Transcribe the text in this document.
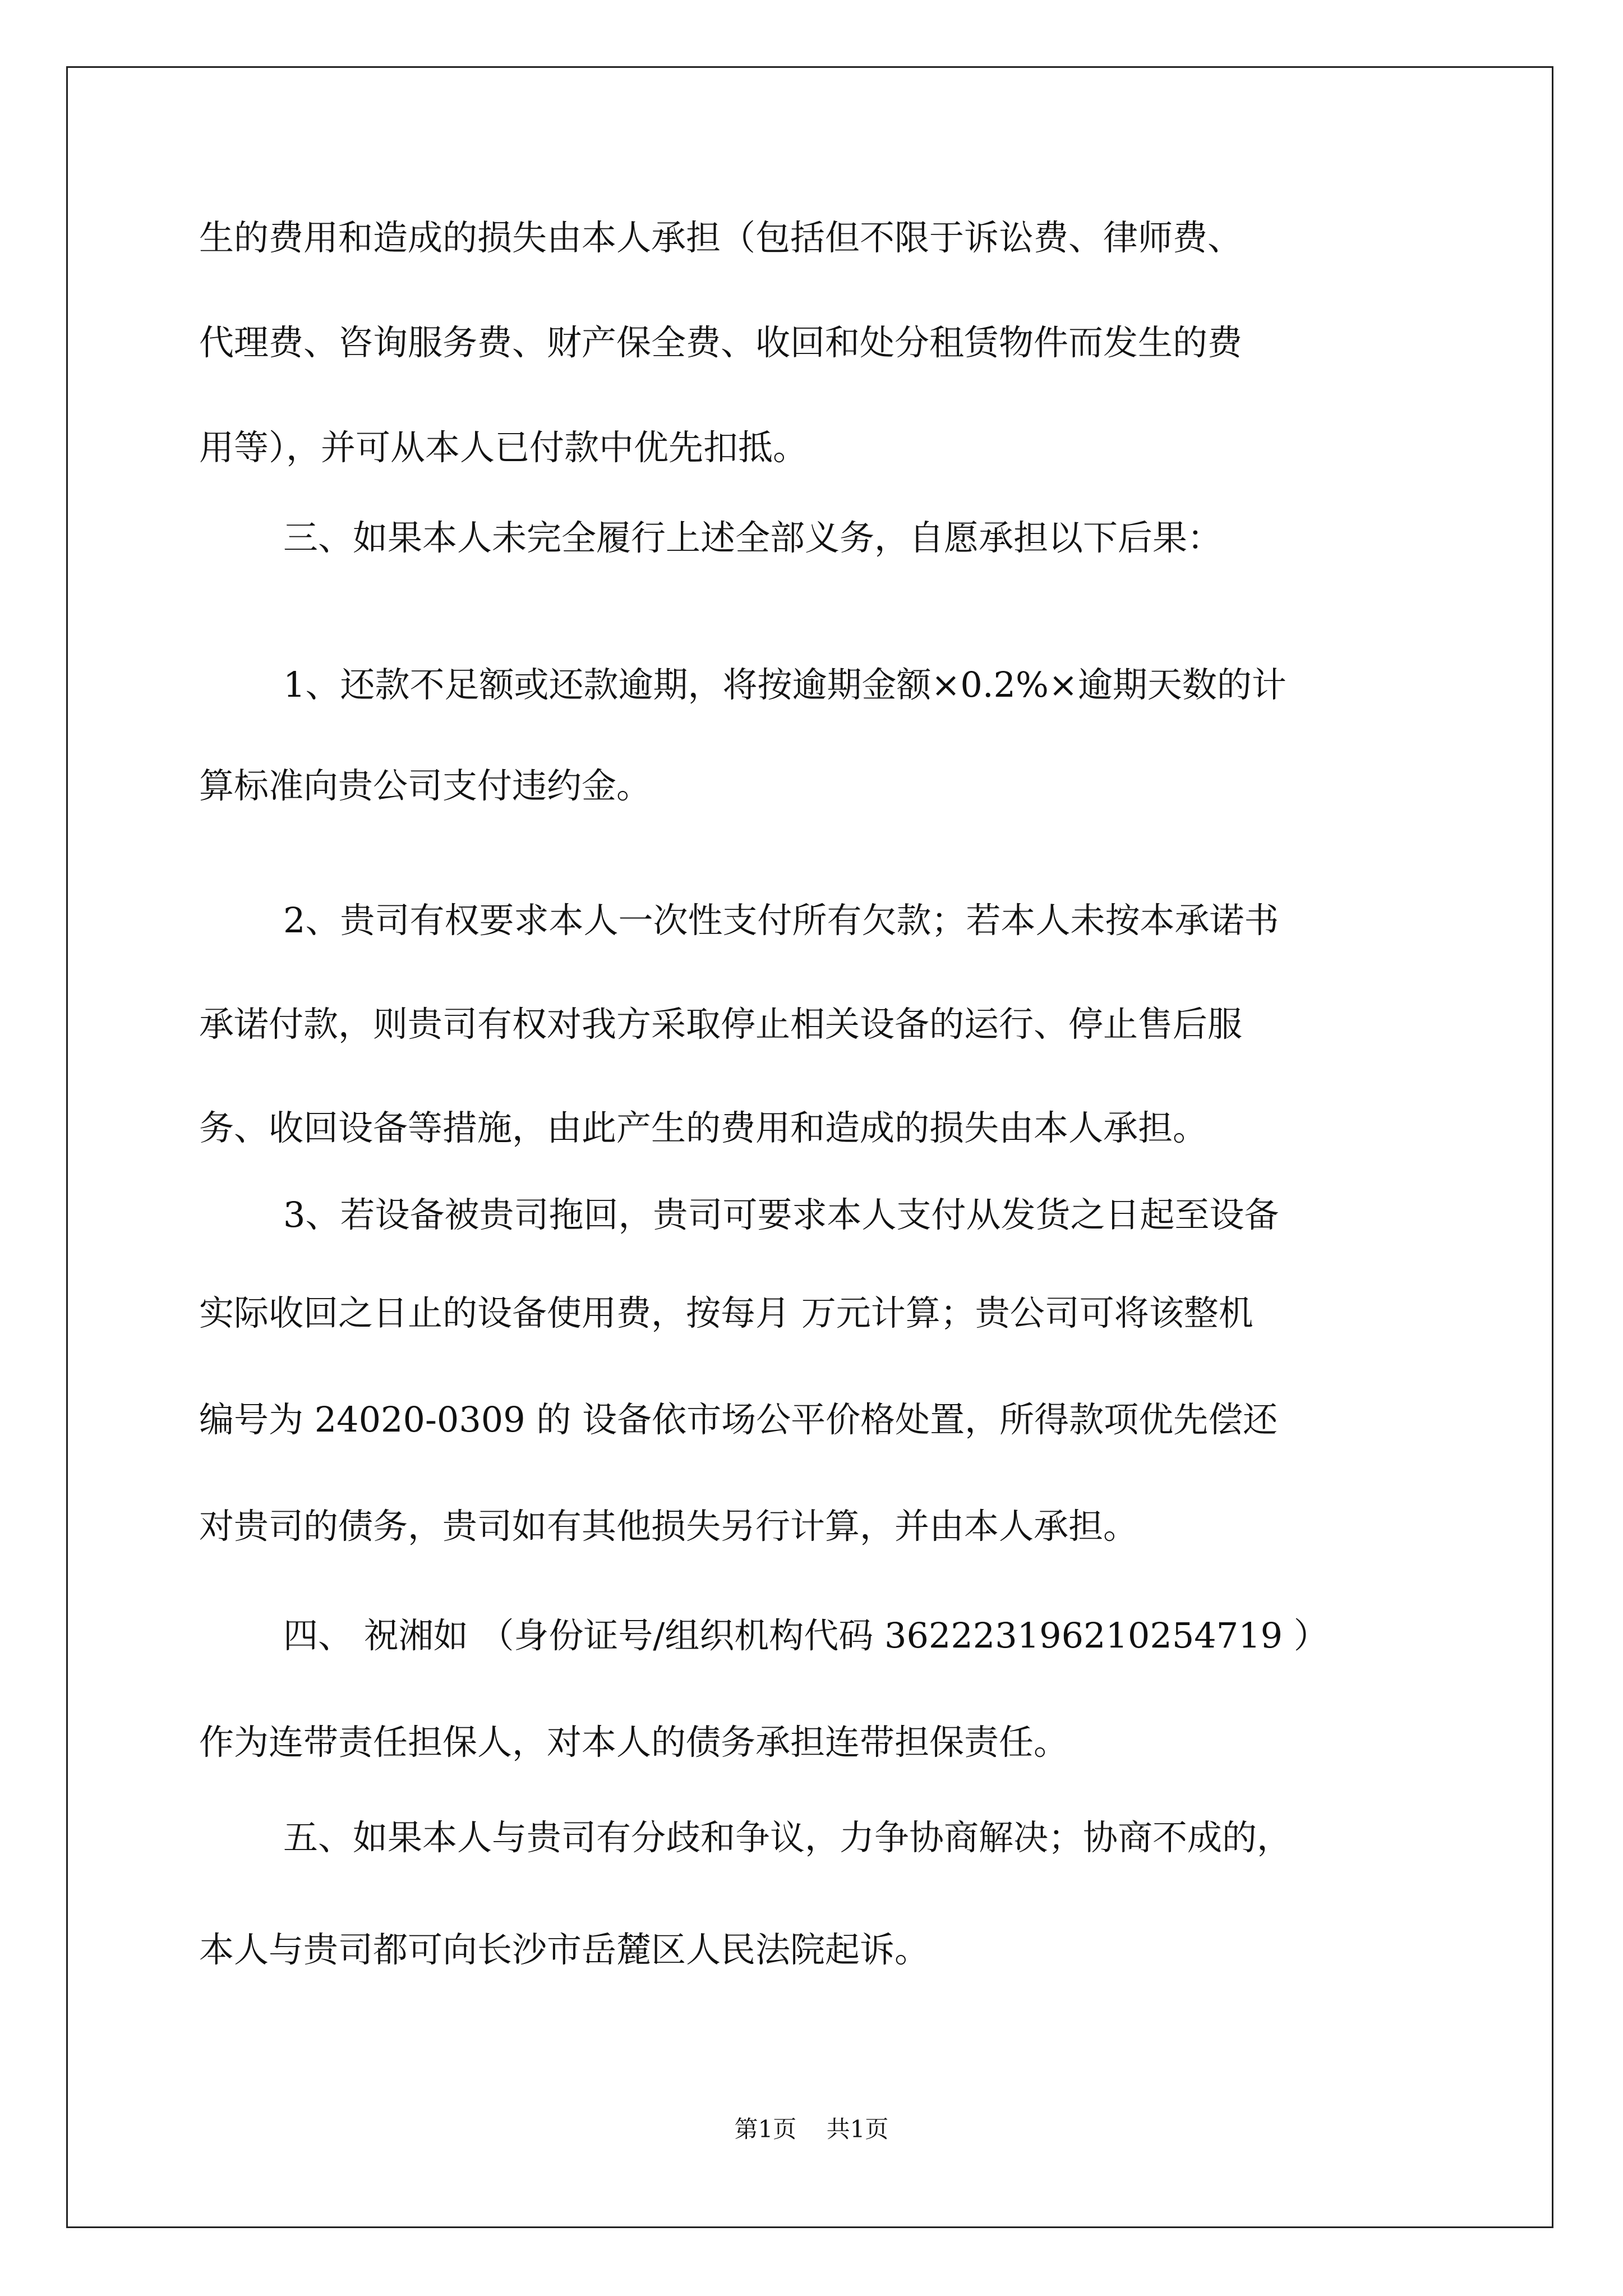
生的费用和造成的损失由本人承担（包括但不限于诉讼费、律师费、
代理费、咨询服务费、财产保全费、收回和处分租赁物件而发生的费
用等），并可从本人已付款中优先扣抵。
三、如果本人未完全履行上述全部义务，自愿承担以下后果：
1、还款不足额或还款逾期，将按逾期金额×0.2%×逾期天数的计
算标准向贵公司支付违约金。
2、贵司有权要求本人一次性支付所有欠款；若本人未按本承诺书
承诺付款，则贵司有权对我方采取停止相关设备的运行、停止售后服
务、收回设备等措施，由此产生的费用和造成的损失由本人承担。
3、若设备被贵司拖回，贵司可要求本人支付从发货之日起至设备
实际收回之日止的设备使用费，按每月 万元计算；贵公司可将该整机
编号为 24020-0309 的 设备依市场公平价格处置，所得款项优先偿还
对贵司的债务，贵司如有其他损失另行计算，并由本人承担。
四、 祝湘如 （身份证号/组织机构代码 362223196210254719 ）
作为连带责任担保人，对本人的债务承担连带担保责任。
五、如果本人与贵司有分歧和争议，力争协商解决；协商不成的，
本人与贵司都可向长沙市岳麓区人民法院起诉。
第1页 共1页
